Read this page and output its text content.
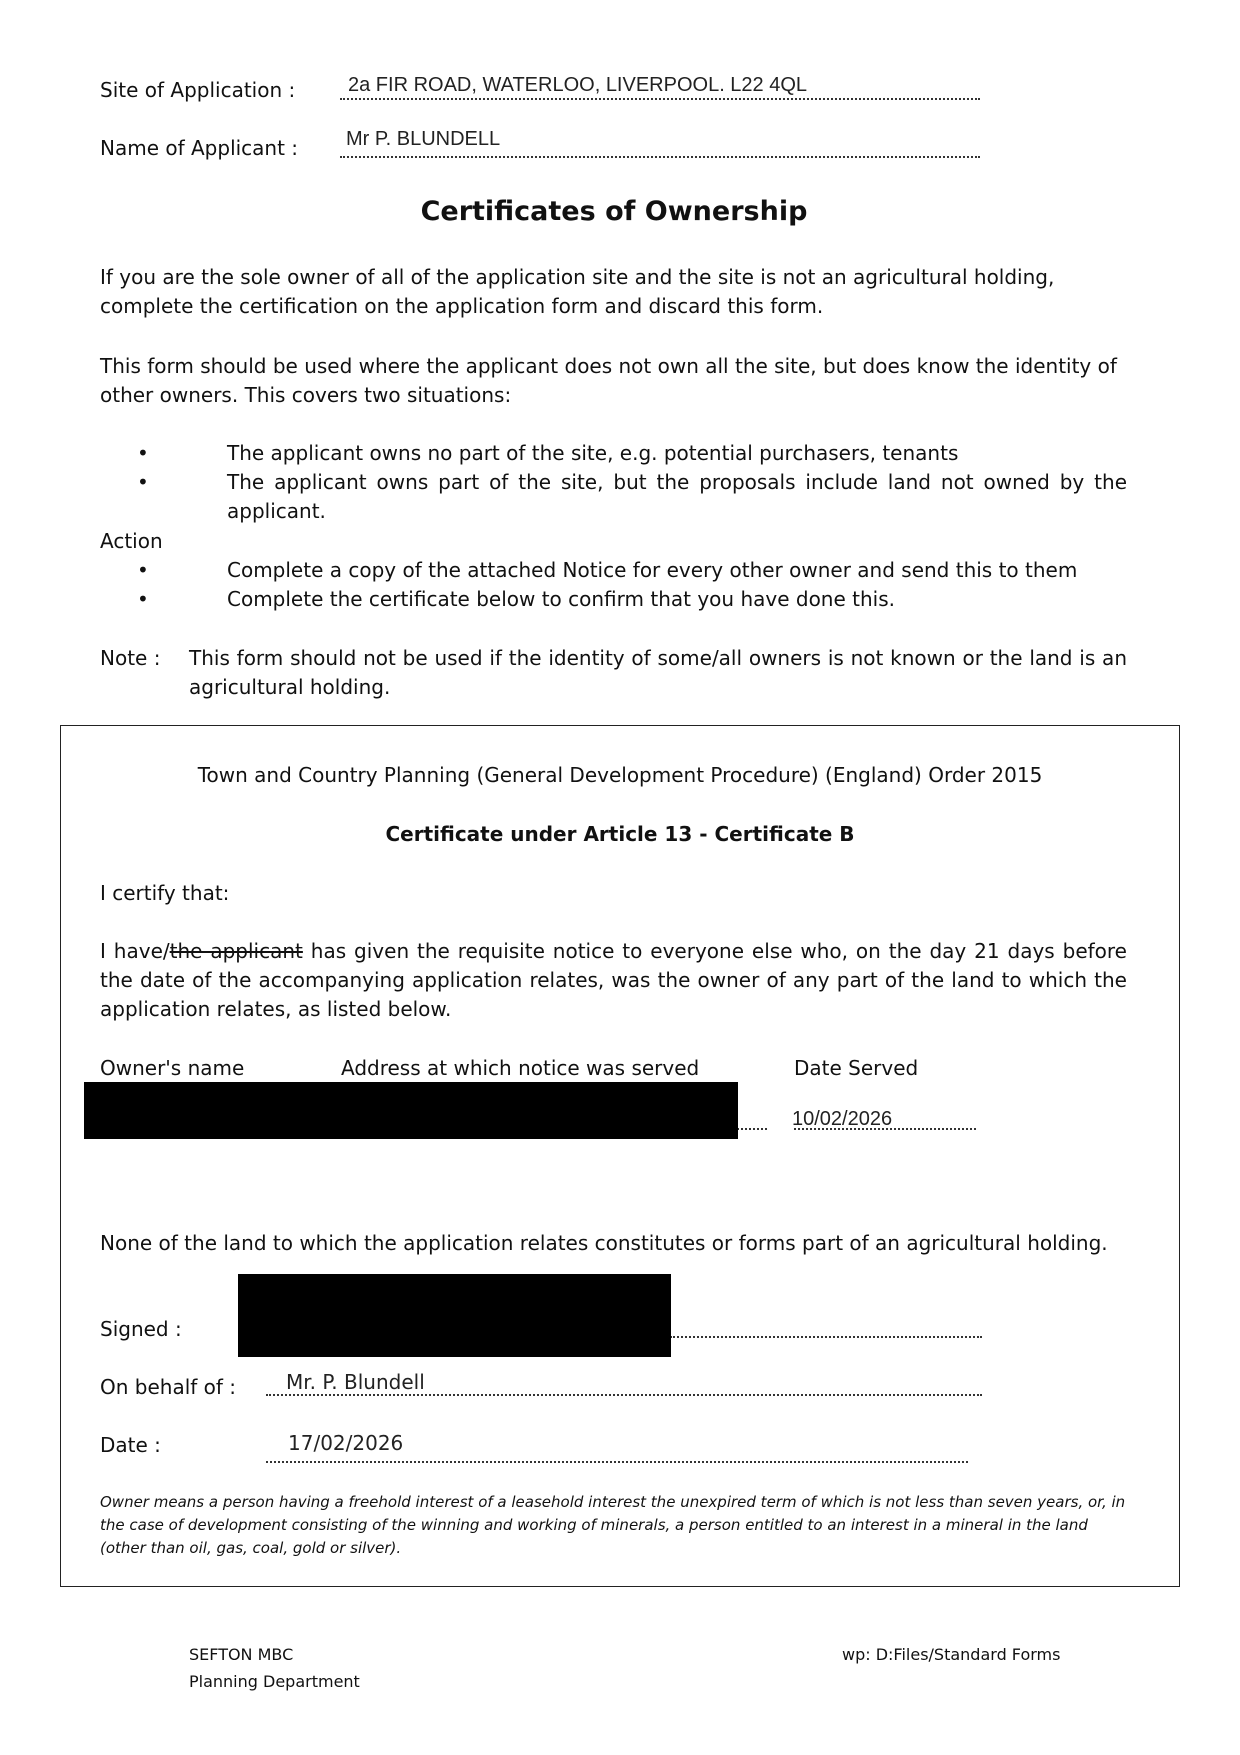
Site of Application :	2a FIR ROAD, WATERLOO, LIVERPOOL. L22 4QL
Name of Applicant : Mr P. BLUNDELL
Certificates of Ownership
If you are the sole owner of all of the application site and the site is not an agricultural holding, complete the certification on the application form and discard this form.
This form should be used where the applicant does not own all the site, but does know the identity of other owners. This covers two situations:
•	The applicant owns no part of the site, e.g. potential purchasers, tenants
•	The applicant owns part of the site, but the proposals include land not owned by the applicant.
Action
•	Complete a copy of the attached Notice for every other owner and send this to them
•	Complete the certificate below to confirm that you have done this.
Note : This form should not be used if the identity of some/all owners is not known or the land is an agricultural holding.
Town and Country Planning (General Development Procedure) (England) Order 2015
Certificate under Article 13 - Certificate B
I certify that:
I have/the applicant has given the requisite notice to everyone else who, on the day 21 days before the date of the accompanying application relates, was the owner of any part of the land to which the application relates, as listed below.
Owner's name	Address at which notice was served	Date Served
10/02/2026
None of the land to which the application relates constitutes or forms part of an agricultural holding.
Signed :
On behalf of : Mr. P. Blundell
Date :	17/02/2026
Owner means a person having a freehold interest of a leasehold interest the unexpired term of which is not less than seven years, or, in the case of development consisting of the winning and working of minerals, a person entitled to an interest in a mineral in the land (other than oil, gas, coal, gold or silver).
SEFTON MBC
Planning Department
wp: D:Files/Standard Forms
